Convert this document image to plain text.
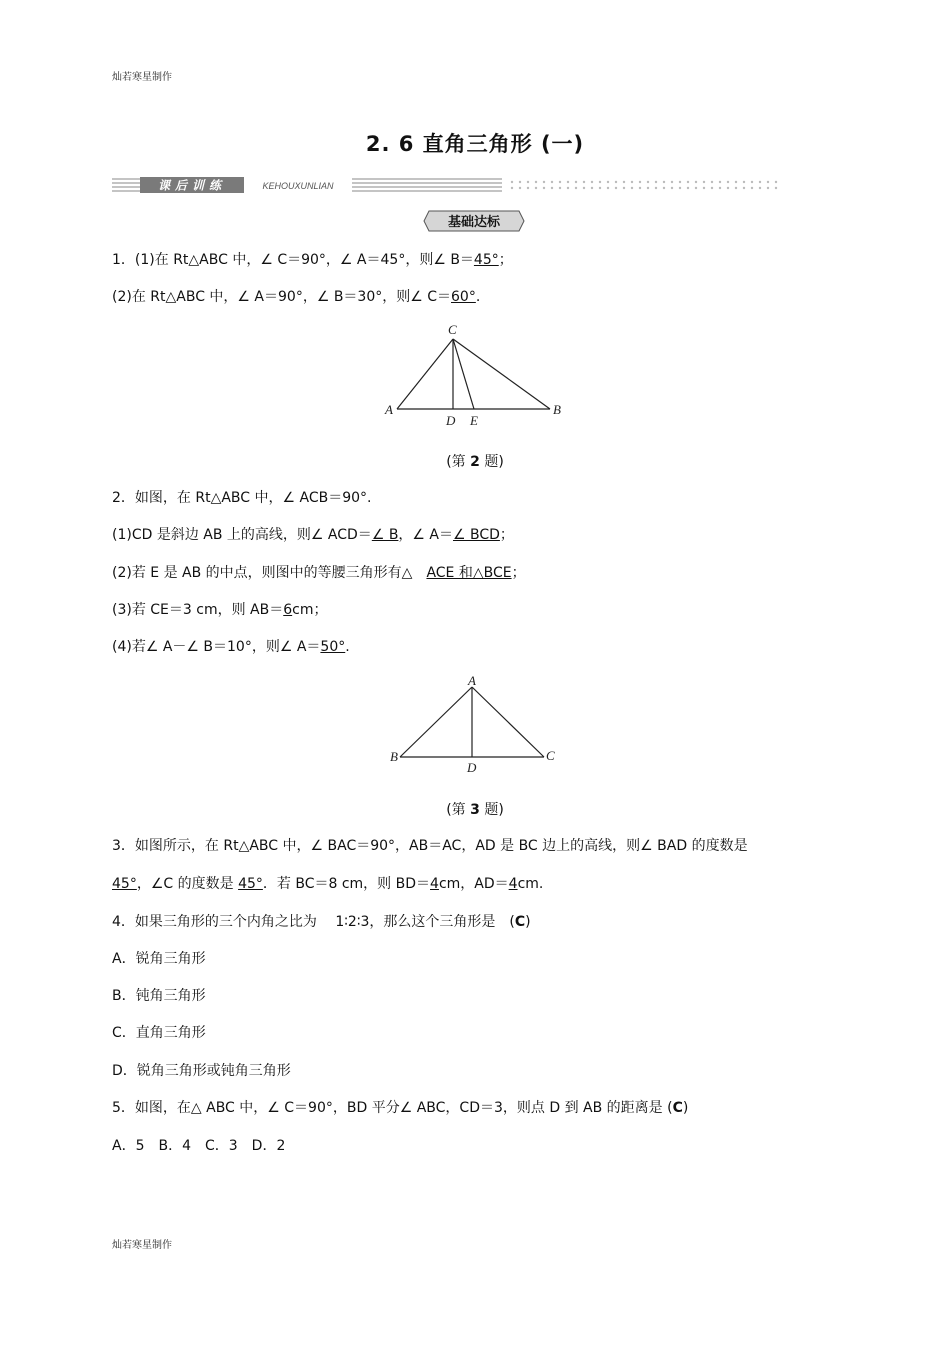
灿若寒星制作
灿若寒星制作
2. 6 直角三角形 (一)
课后训练	KEHOUXUNLIAN
基础达标
1．(1)在 Rt△ABC 中，∠ C＝90°，∠ A＝45°，则∠ B＝45°；
(2)在 Rt△ABC 中，∠ A＝90°，∠ B＝30°，则∠ C＝60°.
C
A	B
D E
(第 2 题)
2．如图，在 Rt△ABC 中，∠ ACB＝90°.
(1)CD 是斜边 AB 上的高线，则∠ ACD＝∠ B，∠ A＝∠ BCD；
(2)若 E 是 AB 的中点，则图中的等腰三角形有△ ACE 和△BCE；
(3)若 CE＝3 cm，则 AB＝6cm；
(4)若∠ A－∠ B＝10°，则∠ A＝50°.
A
B	C
D
(第 3 题)
3．如图所示，在 Rt△ABC 中，∠ BAC＝90°，AB＝AC，AD 是 BC 边上的高线，则∠ BAD 的度数是
45°，∠C 的度数是 45°．若 BC＝8 cm，则 BD＝4cm，AD＝4cm.
4．如果三角形的三个内角之比为　 1∶2∶3，那么这个三角形是　(C)
A．锐角三角形
B．钝角三角形
C．直角三角形
D．锐角三角形或钝角三角形
5．如图，在△ ABC 中，∠ C＝90°，BD 平分∠ ABC，CD＝3，则点 D 到 AB 的距离是 (C)
A．5　B．4　C．3　D．2
